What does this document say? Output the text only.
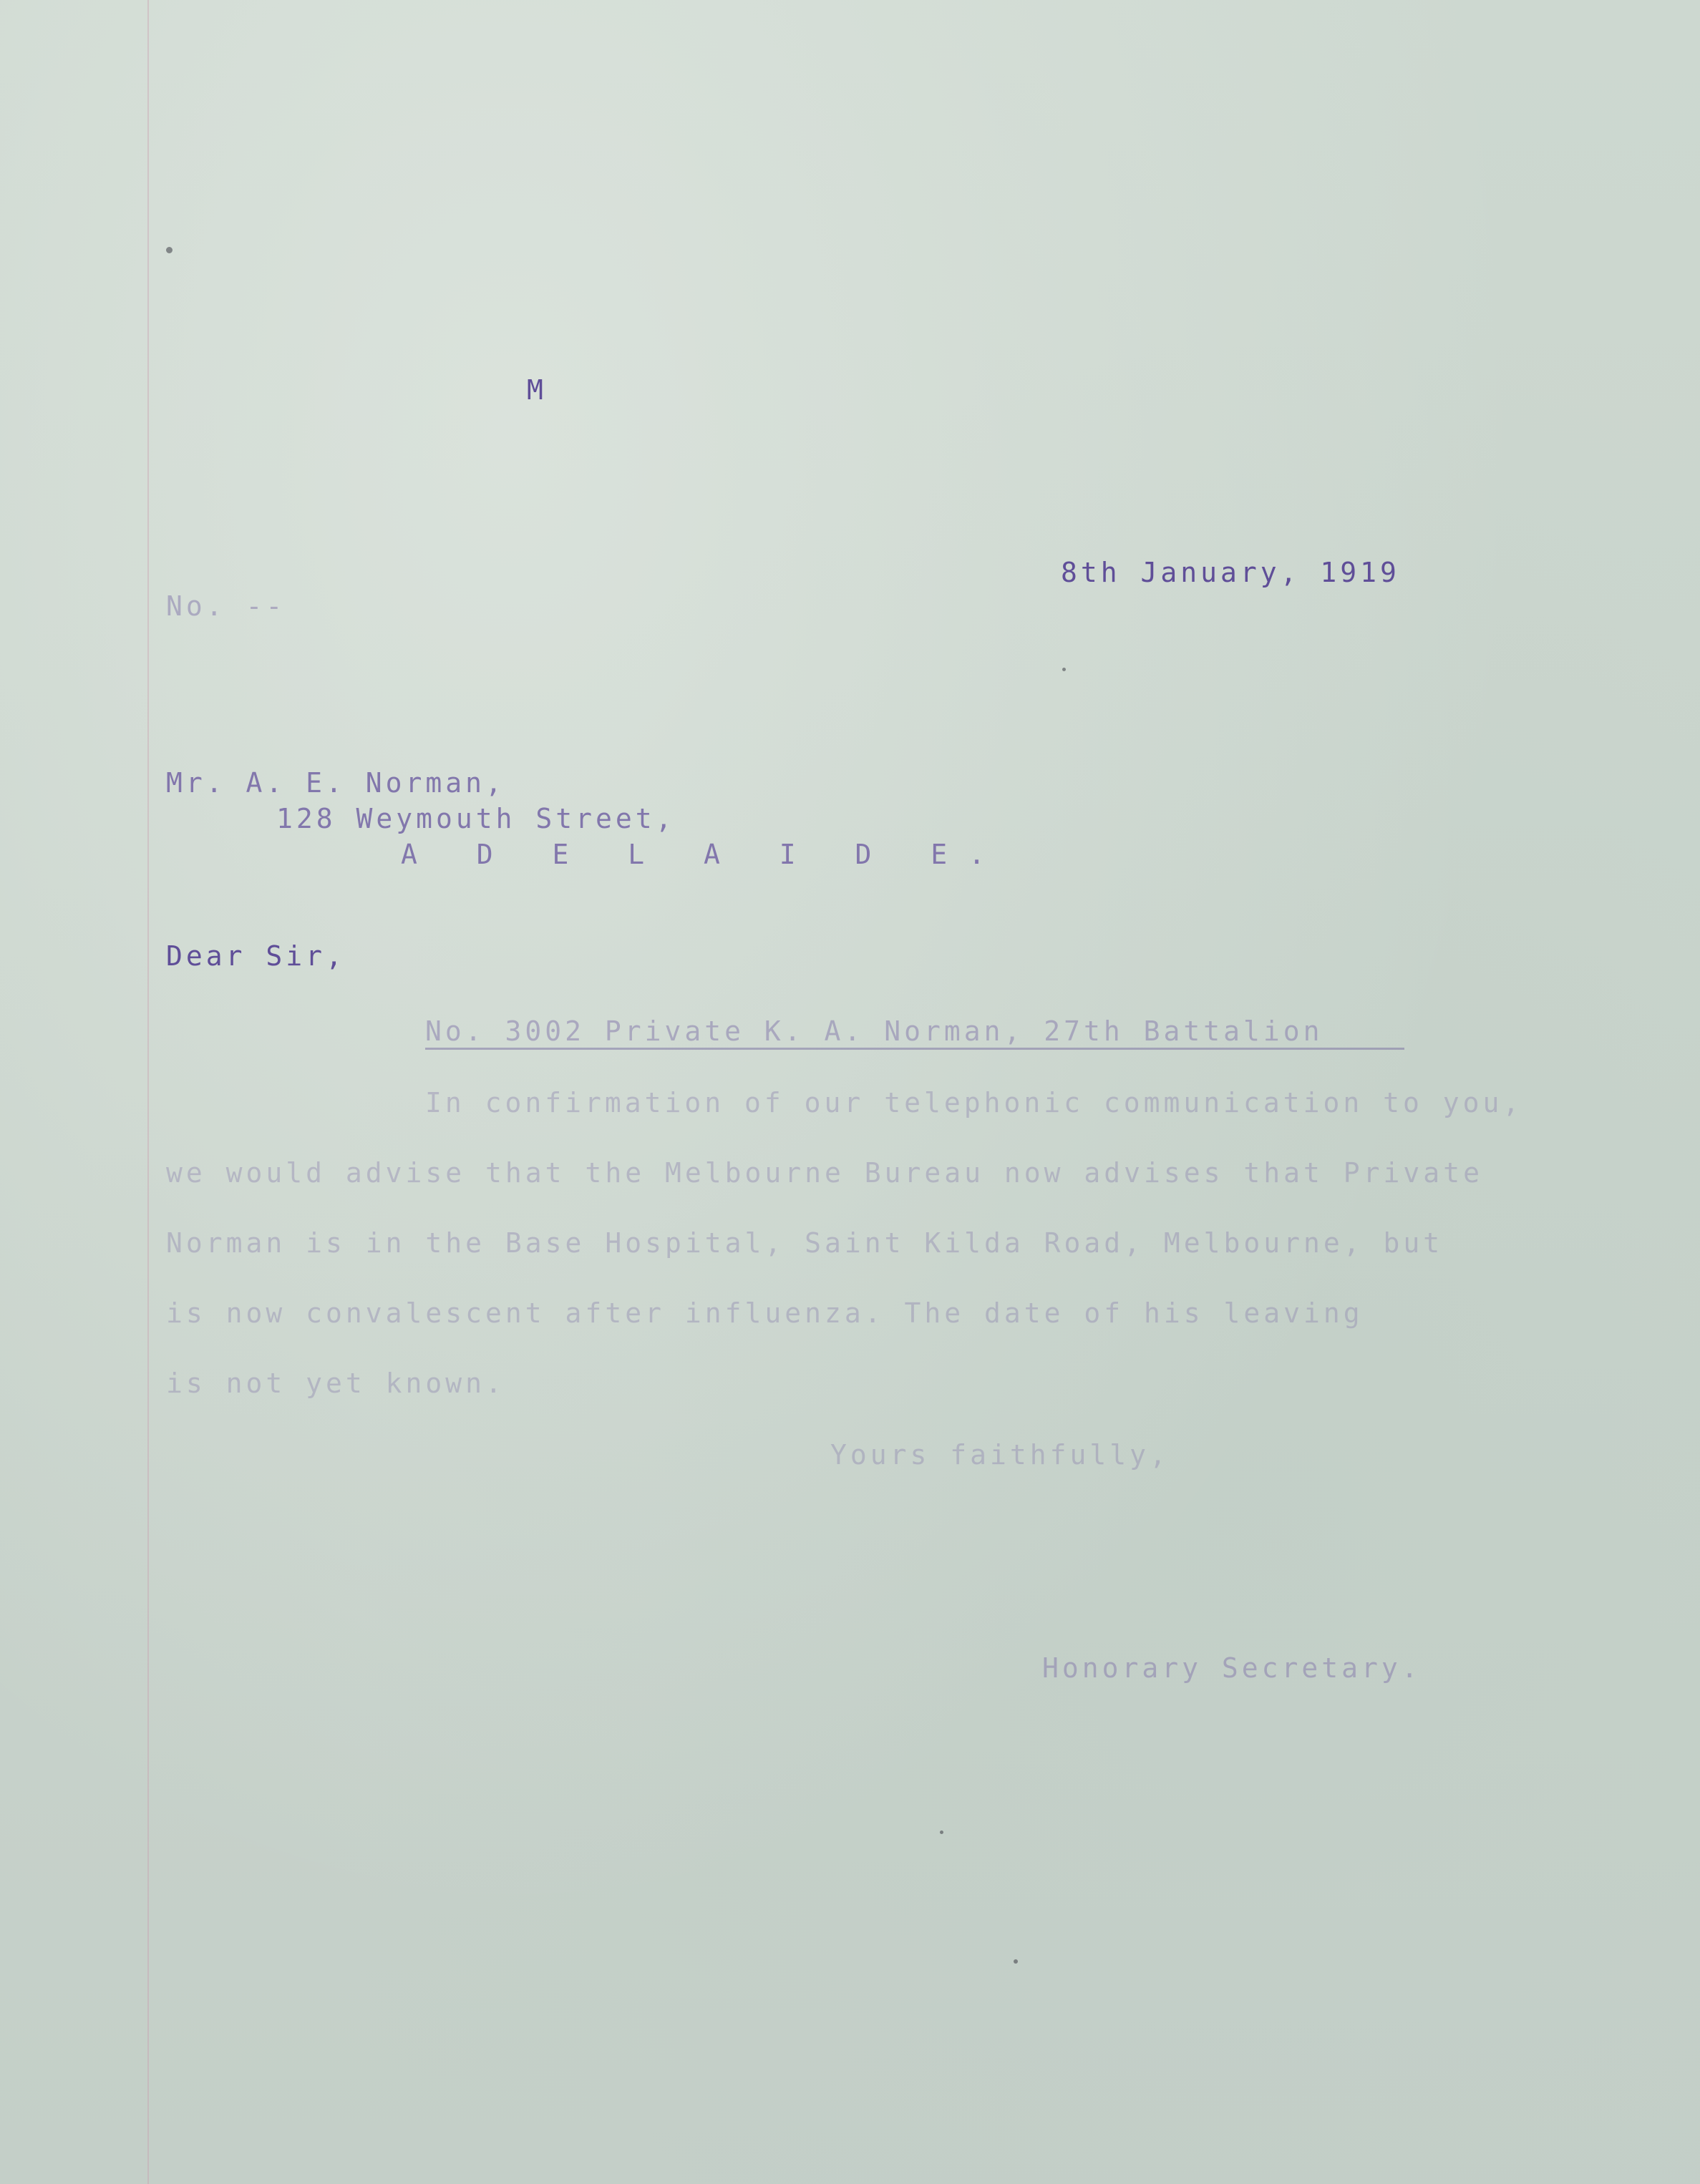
M
8th January, 1919
No. --
Mr. A. E. Norman,
128 Weymouth Street,
A D E L A I D E.
Dear Sir,
No. 3002 Private K. A. Norman, 27th Battalion
In confirmation of our telephonic communication to you,
we would advise that the Melbourne Bureau now advises that Private
Norman is in the Base Hospital, Saint Kilda Road, Melbourne, but
is now convalescent after influenza. The date of his leaving
is not yet known.
Yours faithfully,
Honorary Secretary.
